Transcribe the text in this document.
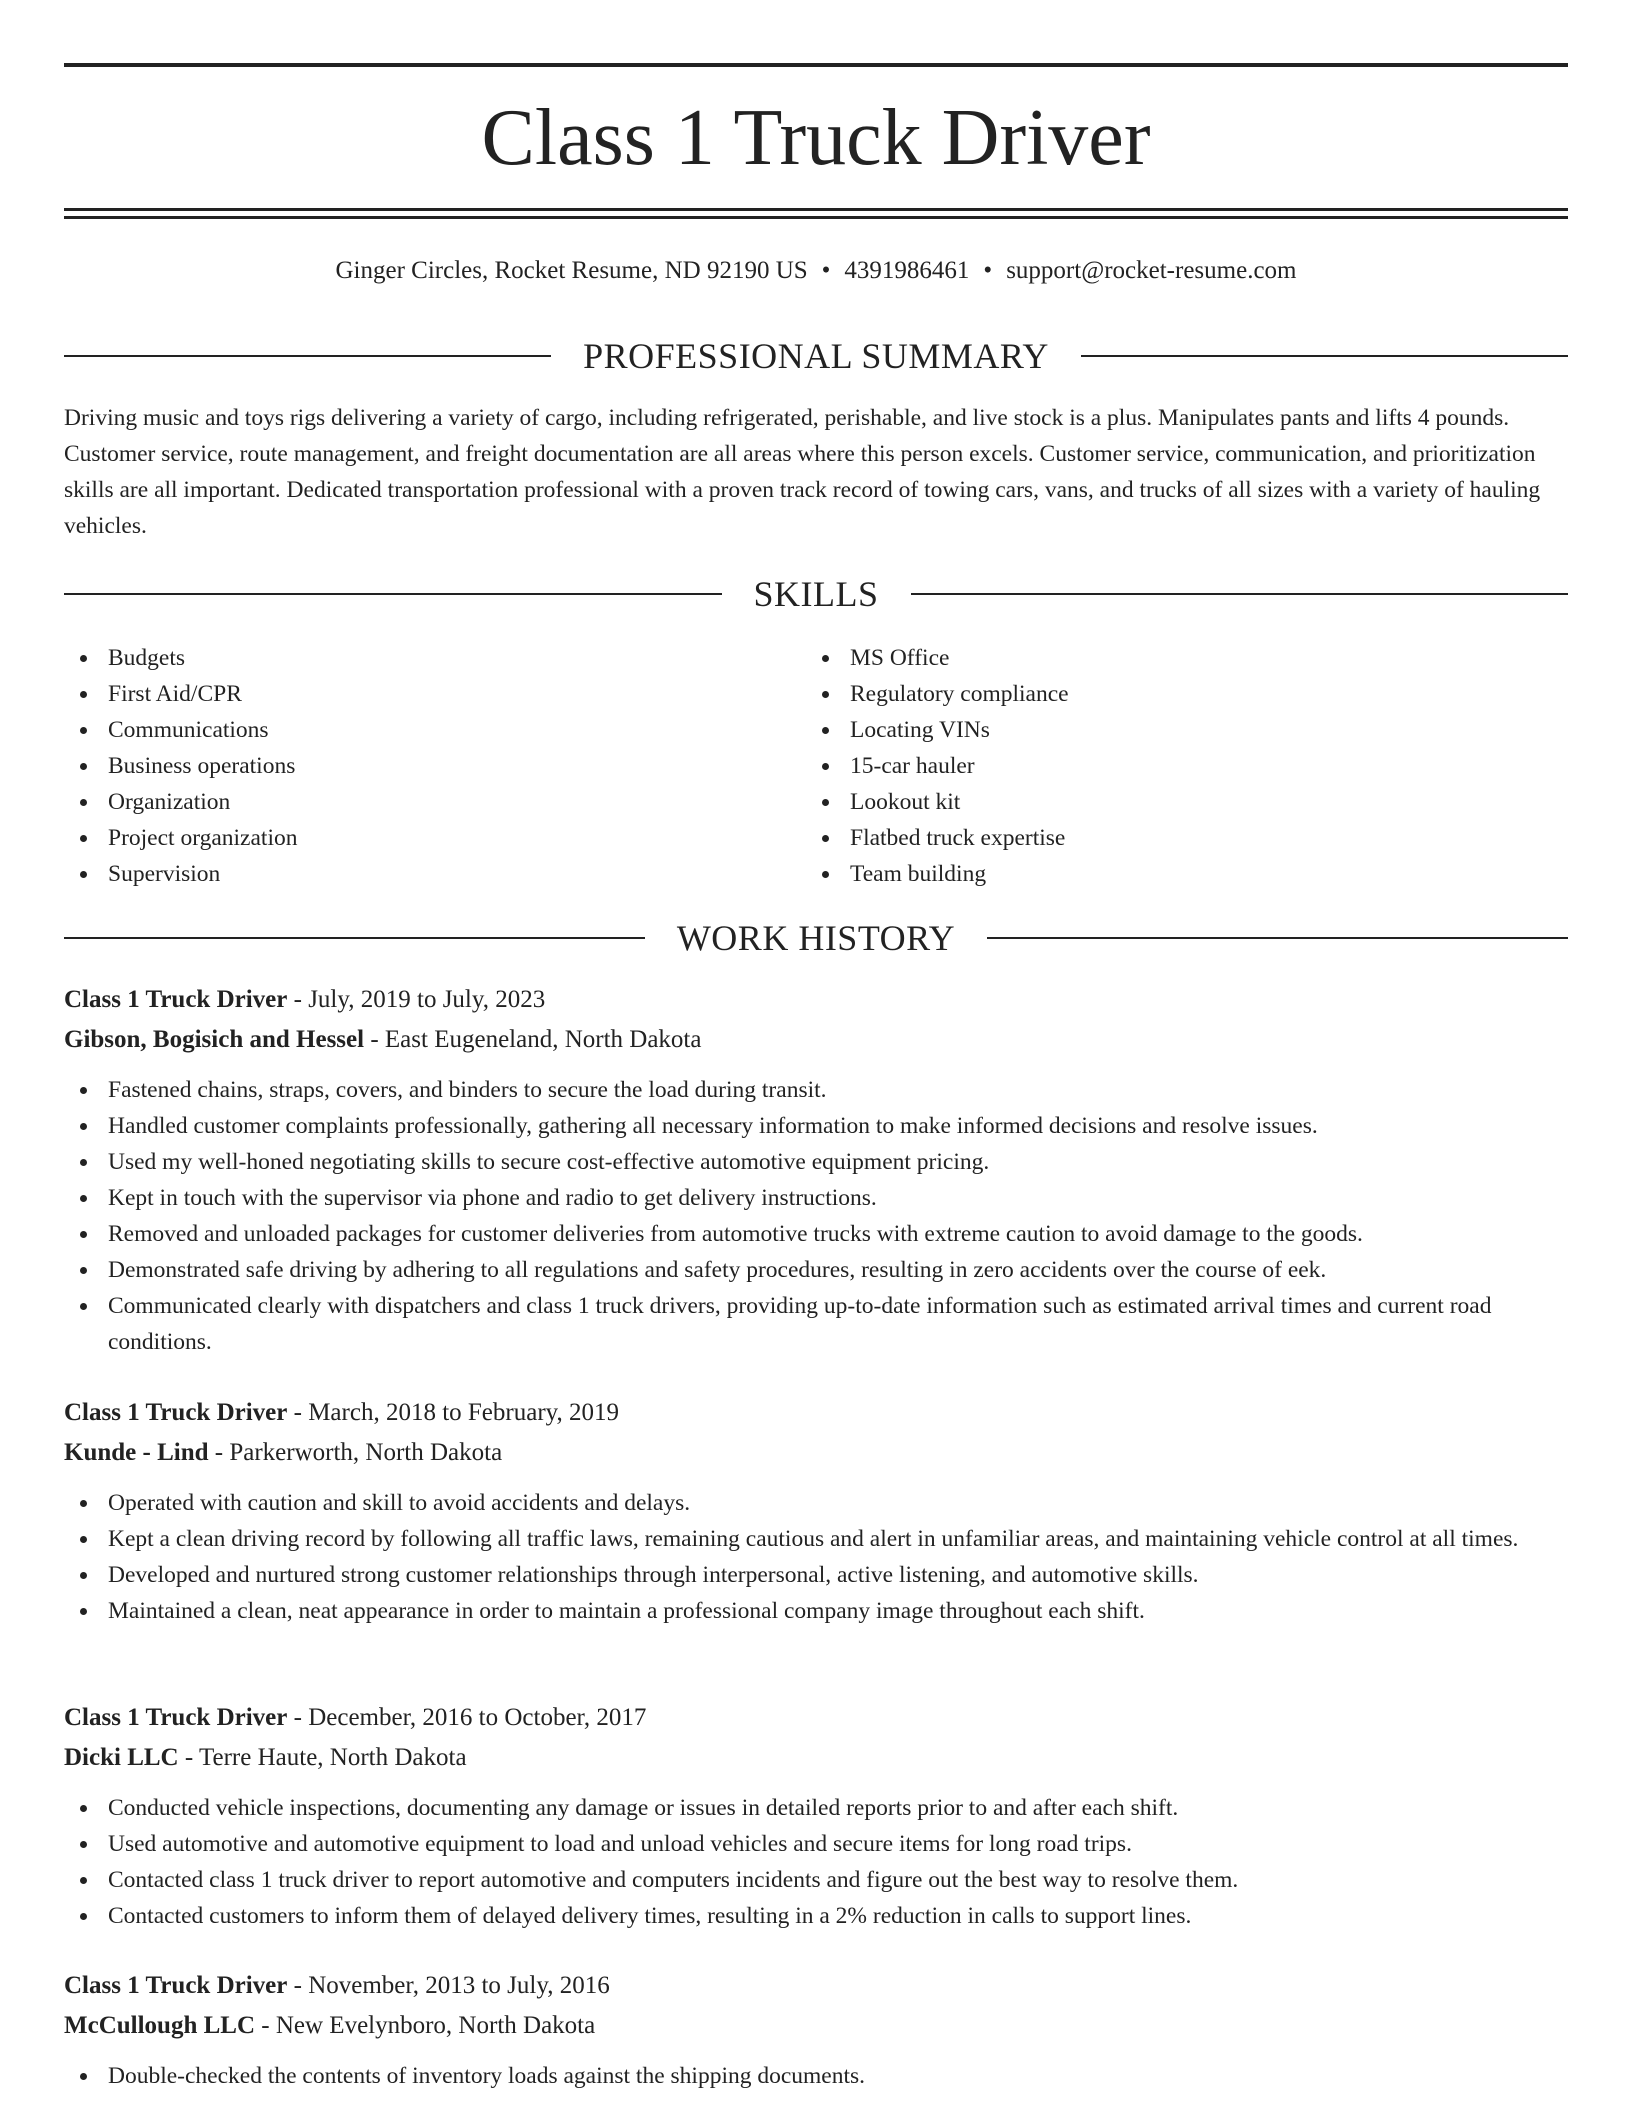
Class 1 Truck Driver
Ginger Circles, Rocket Resume, ND 92190 US • 4391986461 • support@rocket-resume.com
PROFESSIONAL SUMMARY

Driving music and toys rigs delivering a variety of cargo, including refrigerated, perishable, and live stock is a plus. Manipulates pants and lifts 4 pounds. Customer service, route management, and freight documentation are all areas where this person excels. Customer service, communication, and prioritization skills are all important. Dedicated transportation professional with a proven track record of towing cars, vans, and trucks of all sizes with a variety of hauling vehicles.

SKILLS
Budgets
First Aid/CPR
Communications
Business operations
Organization
Project organization
Supervision
MS Office
Regulatory compliance
Locating VINs
15-car hauler
Lookout kit
Flatbed truck expertise
Team building
WORK HISTORY
Class 1 Truck Driver - July, 2019 to July, 2023
Gibson, Bogisich and Hessel - East Eugeneland, North Dakota
Fastened chains, straps, covers, and binders to secure the load during transit.
Handled customer complaints professionally, gathering all necessary information to make informed decisions and resolve issues.
Used my well-honed negotiating skills to secure cost-effective automotive equipment pricing.
Kept in touch with the supervisor via phone and radio to get delivery instructions.
Removed and unloaded packages for customer deliveries from automotive trucks with extreme caution to avoid damage to the goods.
Demonstrated safe driving by adhering to all regulations and safety procedures, resulting in zero accidents over the course of eek.
Communicated clearly with dispatchers and class 1 truck drivers, providing up-to-date information such as estimated arrival times and current road conditions.
Class 1 Truck Driver - March, 2018 to February, 2019
Kunde - Lind - Parkerworth, North Dakota
Operated with caution and skill to avoid accidents and delays.
Kept a clean driving record by following all traffic laws, remaining cautious and alert in unfamiliar areas, and maintaining vehicle control at all times.
Developed and nurtured strong customer relationships through interpersonal, active listening, and automotive skills.
Maintained a clean, neat appearance in order to maintain a professional company image throughout each shift.
Class 1 Truck Driver - December, 2016 to October, 2017
Dicki LLC - Terre Haute, North Dakota
Conducted vehicle inspections, documenting any damage or issues in detailed reports prior to and after each shift.
Used automotive and automotive equipment to load and unload vehicles and secure items for long road trips.
Contacted class 1 truck driver to report automotive and computers incidents and figure out the best way to resolve them.
Contacted customers to inform them of delayed delivery times, resulting in a 2% reduction in calls to support lines.
Class 1 Truck Driver - November, 2013 to July, 2016
McCullough LLC - New Evelynboro, North Dakota
Double-checked the contents of inventory loads against the shipping documents.
